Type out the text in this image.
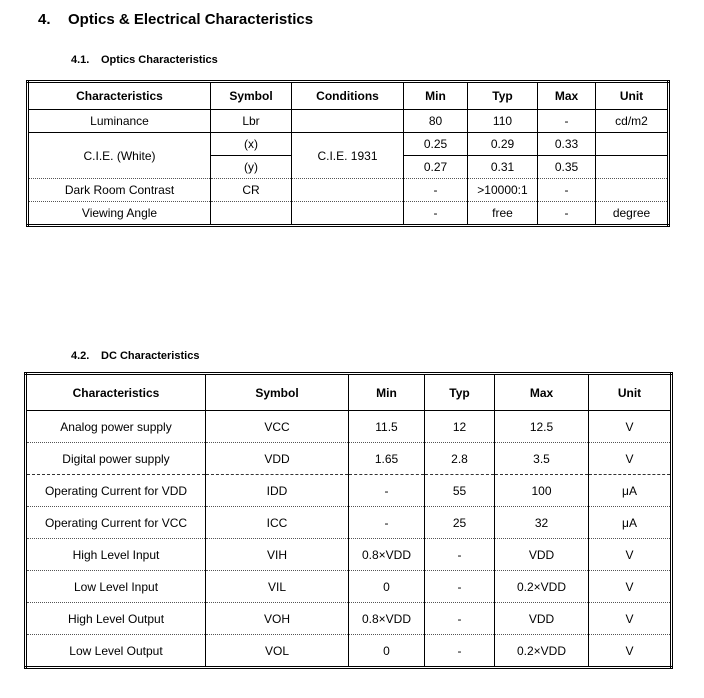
4. Optics & Electrical Characteristics
4.1. Optics Characteristics
Characteristics	Symbol	Conditions	Min	Typ	Max	Unit
Luminance	Lbr		80	110	-	cd/m2
C.I.E. (White)	(x)	C.I.E. 1931	0.25	0.29	0.33	
	(y)		0.27	0.31	0.35	
Dark Room Contrast	CR		-	>10000:1	-	
Viewing Angle			-	free	-	degree
4.2. DC Characteristics
Characteristics	Symbol	Min	Typ	Max	Unit
Analog power supply	VCC	11.5	12	12.5	V
Digital power supply	VDD	1.65	2.8	3.5	V
Operating Current for VDD	IDD	-	55	100	μA
Operating Current for VCC	ICC	-	25	32	μA
High Level Input	VIH	0.8×VDD	-	VDD	V
Low Level Input	VIL	0	-	0.2×VDD	V
High Level Output	VOH	0.8×VDD	-	VDD	V
Low Level Output	VOL	0	-	0.2×VDD	V
